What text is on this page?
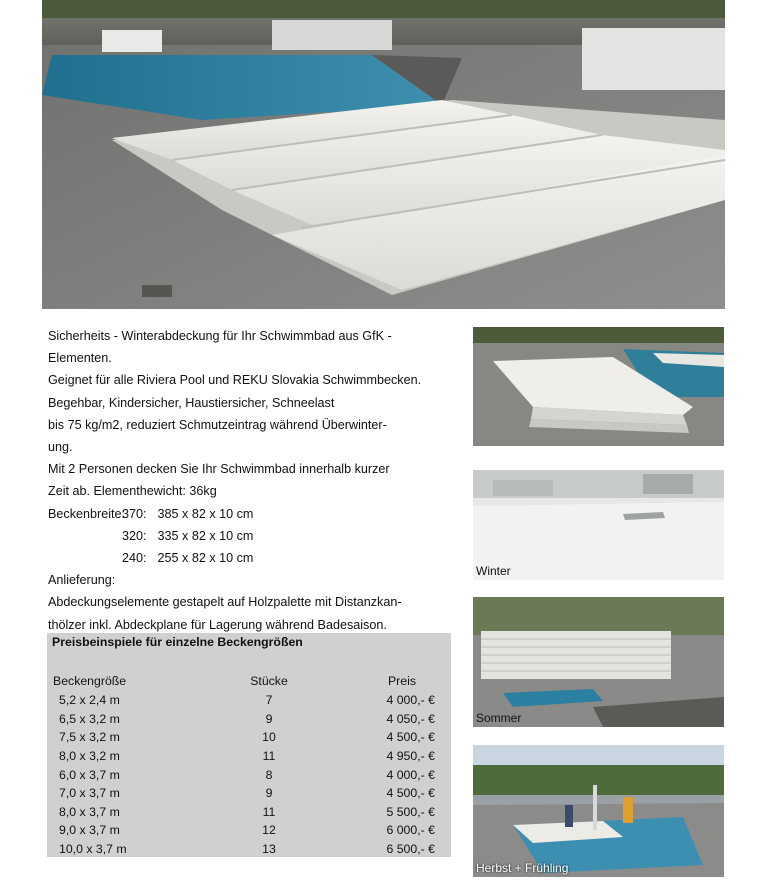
Sicherheits - Winterabdeckung für Ihr Schwimmbad aus GfK -
Elementen.
Geignet für alle Riviera Pool und REKU Slovakia Schwimmbecken.
Begehbar, Kindersicher, Haustiersicher, Schneelast
bis 75 kg/m2, reduziert Schmutzeintrag während Überwinter-
ung.
Mit 2 Personen decken Sie Ihr Schwimmbad innerhalb kurzer
Zeit ab. Elementhewicht: 36kg
Beckenbreite:
370: 385 x 82 x 10 cm
320: 335 x 82 x 10 cm
240: 255 x 82 x 10 cm
Anlieferung:
Abdeckungselemente gestapelt auf Holzpalette mit Distanzkan-
thölzer inkl. Abdeckplane für Lagerung während Badesaison.
Preisbeinspiele für einzelne Beckengrößen
Beckengröße	Stücke	Preis
5,2 x 2,4 m	7	4 000,- €
6,5 x 3,2 m	9	4 050,- €
7,5 x 3,2 m	10	4 500,- €
8,0 x 3,2 m	11	4 950,- €
6,0 x 3,7 m	8	4 000,- €
7,0 x 3,7 m	9	4 500,- €
8,0 x 3,7 m	11	5 500,- €
9,0 x 3,7 m	12	6 000,- €
10,0 x 3,7 m	13	6 500,- €
Winter
Sommer
Herbst + Frühling
